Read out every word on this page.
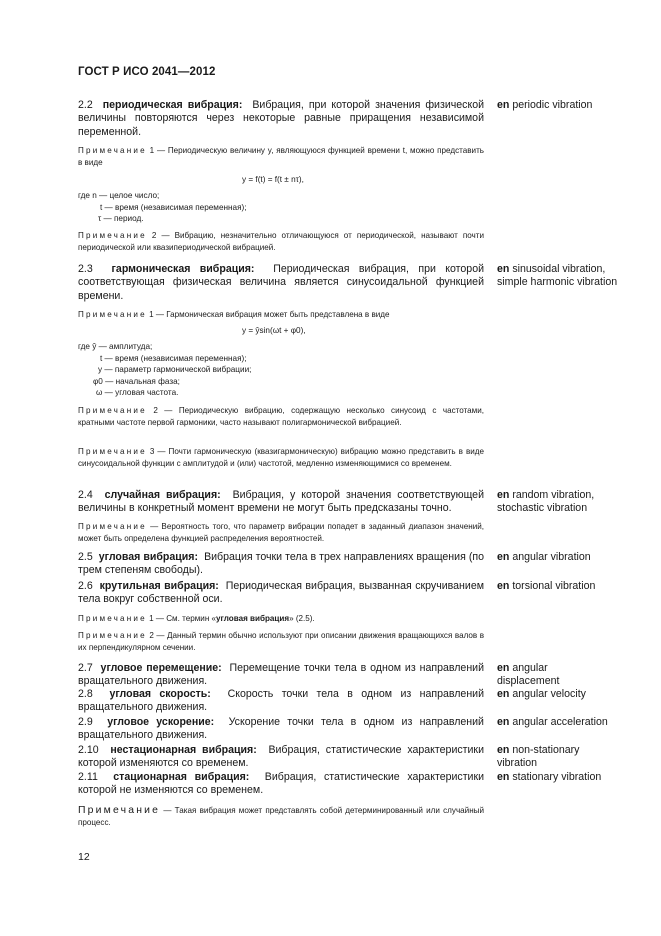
ГОСТ Р ИСО 2041—2012
2.2 периодическая вибрация: Вибрация, при которой значения физической величины повторяются через некоторые равные приращения независимой переменной.
en periodic vibration
Примечание 1 — Периодическую величину y, являющуюся функцией времени t, можно представить в виде
y = f(t) = f(t ± nτ),
где n — целое число;
t — время (независимая переменная);
τ — период.
Примечание 2 — Вибрацию, незначительно отличающуюся от периодической, называют почти периодической или квазипериодической вибрацией.
2.3 гармоническая вибрация: Периодическая вибрация, при которой соответствующая физическая величина является синусоидальной функцией времени.
en sinusoidal vibration, simple harmonic vibration
Примечание 1 — Гармоническая вибрация может быть представлена в виде
y = ŷsin(ωt + φ0),
где ŷ — амплитуда;
t — время (независимая переменная);
y — параметр гармонической вибрации;
φ0 — начальная фаза;
ω — угловая частота.
Примечание 2 — Периодическую вибрацию, содержащую несколько синусоид с частотами, кратными частоте первой гармоники, часто называют полигармонической вибрацией.
Примечание 3 — Почти гармоническую (квазигармоническую) вибрацию можно представить в виде синусоидальной функции с амплитудой и (или) частотой, медленно изменяющимися со временем.
2.4 случайная вибрация: Вибрация, у которой значения соответствующей величины в конкретный момент времени не могут быть предсказаны точно.
en random vibration, stochastic vibration
Примечание — Вероятность того, что параметр вибрации попадет в заданный диапазон значений, может быть определена функцией распределения вероятностей.
2.5 угловая вибрация: Вибрация точки тела в трех направлениях вращения (по трем степеням свободы).
en angular vibration
2.6 крутильная вибрация: Периодическая вибрация, вызванная скручиванием тела вокруг собственной оси.
en torsional vibration
Примечание 1 — См. термин «угловая вибрация» (2.5).
Примечание 2 — Данный термин обычно используют при описании движения вращающихся валов в их перпендикулярном сечении.
2.7 угловое перемещение: Перемещение точки тела в одном из направлений вращательного движения.
en angular displacement
2.8 угловая скорость: Скорость точки тела в одном из направлений вращательного движения.
en angular velocity
2.9 угловое ускорение: Ускорение точки тела в одном из направлений вращательного движения.
en angular acceleration
2.10 нестационарная вибрация: Вибрация, статистические характеристики которой изменяются со временем.
en non-stationary vibration
2.11 стационарная вибрация: Вибрация, статистические характеристики которой не изменяются со временем.
en stationary vibration
Примечание — Такая вибрация может представлять собой детерминированный или случайный процесс.
12
